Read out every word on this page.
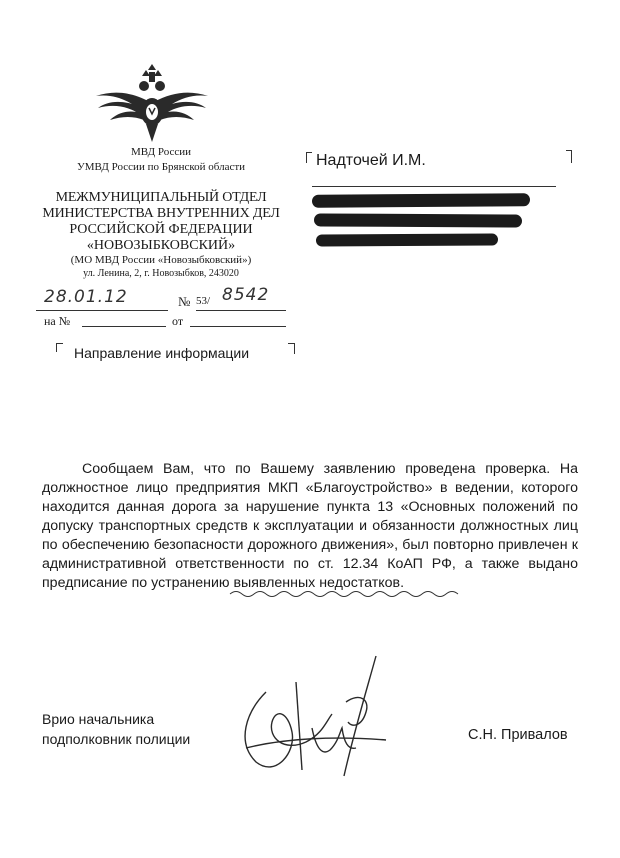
МВД России
УМВД России по Брянской области
МЕЖМУНИЦИПАЛЬНЫЙ ОТДЕЛ
МИНИСТЕРСТВА ВНУТРЕННИХ ДЕЛ
РОССИЙСКОЙ ФЕДЕРАЦИИ
«НОВОЗЫБКОВСКИЙ»
(МО МВД России «Новозыбковский»)
ул. Ленина, 2, г. Новозыбков, 243020
28.01.12	№ 53/ 8542
на №	от
Направление информации
Надточей И.М.

Сообщаем Вам, что по Вашему заявлению проведена проверка. На должностное лицо предприятия МКП «Благоустройство» в ведении, которого находится данная дорога за нарушение пункта 13 «Основных положений по допуску транспортных средств к эксплуатации и обязанности должностных лиц по обеспечению безопасности дорожного движения», был повторно привлечен к административной ответственности по ст. 12.34 КоАП РФ, а также выдано предписание по устранению выявленных недостатков.

Врио начальника
подполковник полиции	С.Н. Привалов
